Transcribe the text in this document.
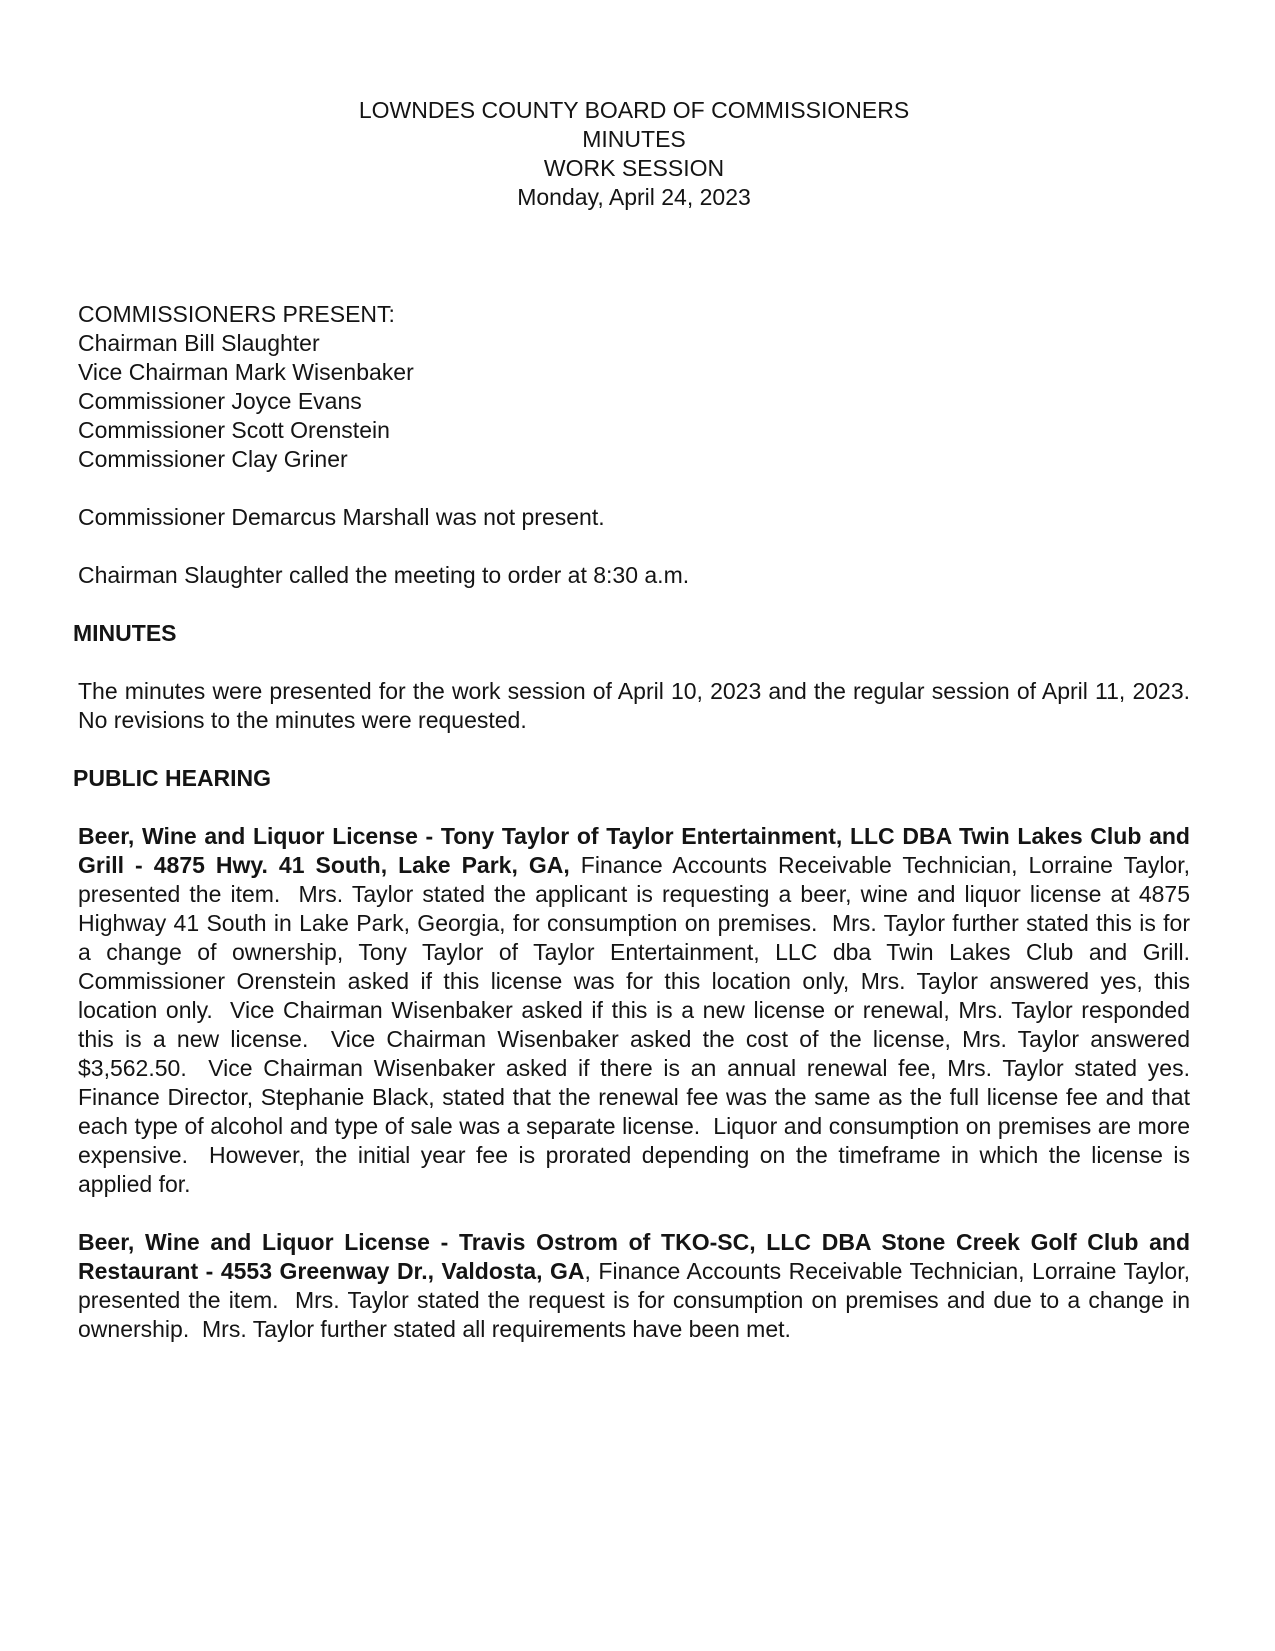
LOWNDES COUNTY BOARD OF COMMISSIONERS
MINUTES
WORK SESSION
Monday, April 24, 2023
COMMISSIONERS PRESENT:
Chairman Bill Slaughter
Vice Chairman Mark Wisenbaker
Commissioner Joyce Evans
Commissioner Scott Orenstein
Commissioner Clay Griner

Commissioner Demarcus Marshall was not present.

Chairman Slaughter called the meeting to order at 8:30 a.m.

MINUTES

The minutes were presented for the work session of April 10, 2023 and the regular session of April 11, 2023.  No revisions to the minutes were requested.

PUBLIC HEARING

Beer, Wine and Liquor License - Tony Taylor of Taylor Entertainment, LLC DBA Twin Lakes Club and Grill - 4875 Hwy. 41 South, Lake Park, GA, Finance Accounts Receivable Technician, Lorraine Taylor, presented the item.  Mrs. Taylor stated the applicant is requesting a beer, wine and liquor license at 4875 Highway 41 South in Lake Park, Georgia, for consumption on premises.  Mrs. Taylor further stated this is for a change of ownership, Tony Taylor of Taylor Entertainment, LLC dba Twin Lakes Club and Grill.  Commissioner Orenstein asked if this license was for this location only, Mrs. Taylor answered yes, this location only.  Vice Chairman Wisenbaker asked if this is a new license or renewal, Mrs. Taylor responded this is a new license.  Vice Chairman Wisenbaker asked the cost of the license, Mrs. Taylor answered $3,562.50.  Vice Chairman Wisenbaker asked if there is an annual renewal fee, Mrs. Taylor stated yes.  Finance Director, Stephanie Black, stated that the renewal fee was the same as the full license fee and that each type of alcohol and type of sale was a separate license.  Liquor and consumption on premises are more expensive.  However, the initial year fee is prorated depending on the timeframe in which the license is applied for.

Beer, Wine and Liquor License - Travis Ostrom of TKO-SC, LLC DBA Stone Creek Golf Club and Restaurant - 4553 Greenway Dr., Valdosta, GA, Finance Accounts Receivable Technician, Lorraine Taylor, presented the item.  Mrs. Taylor stated the request is for consumption on premises and due to a change in ownership.  Mrs. Taylor further stated all requirements have been met.
